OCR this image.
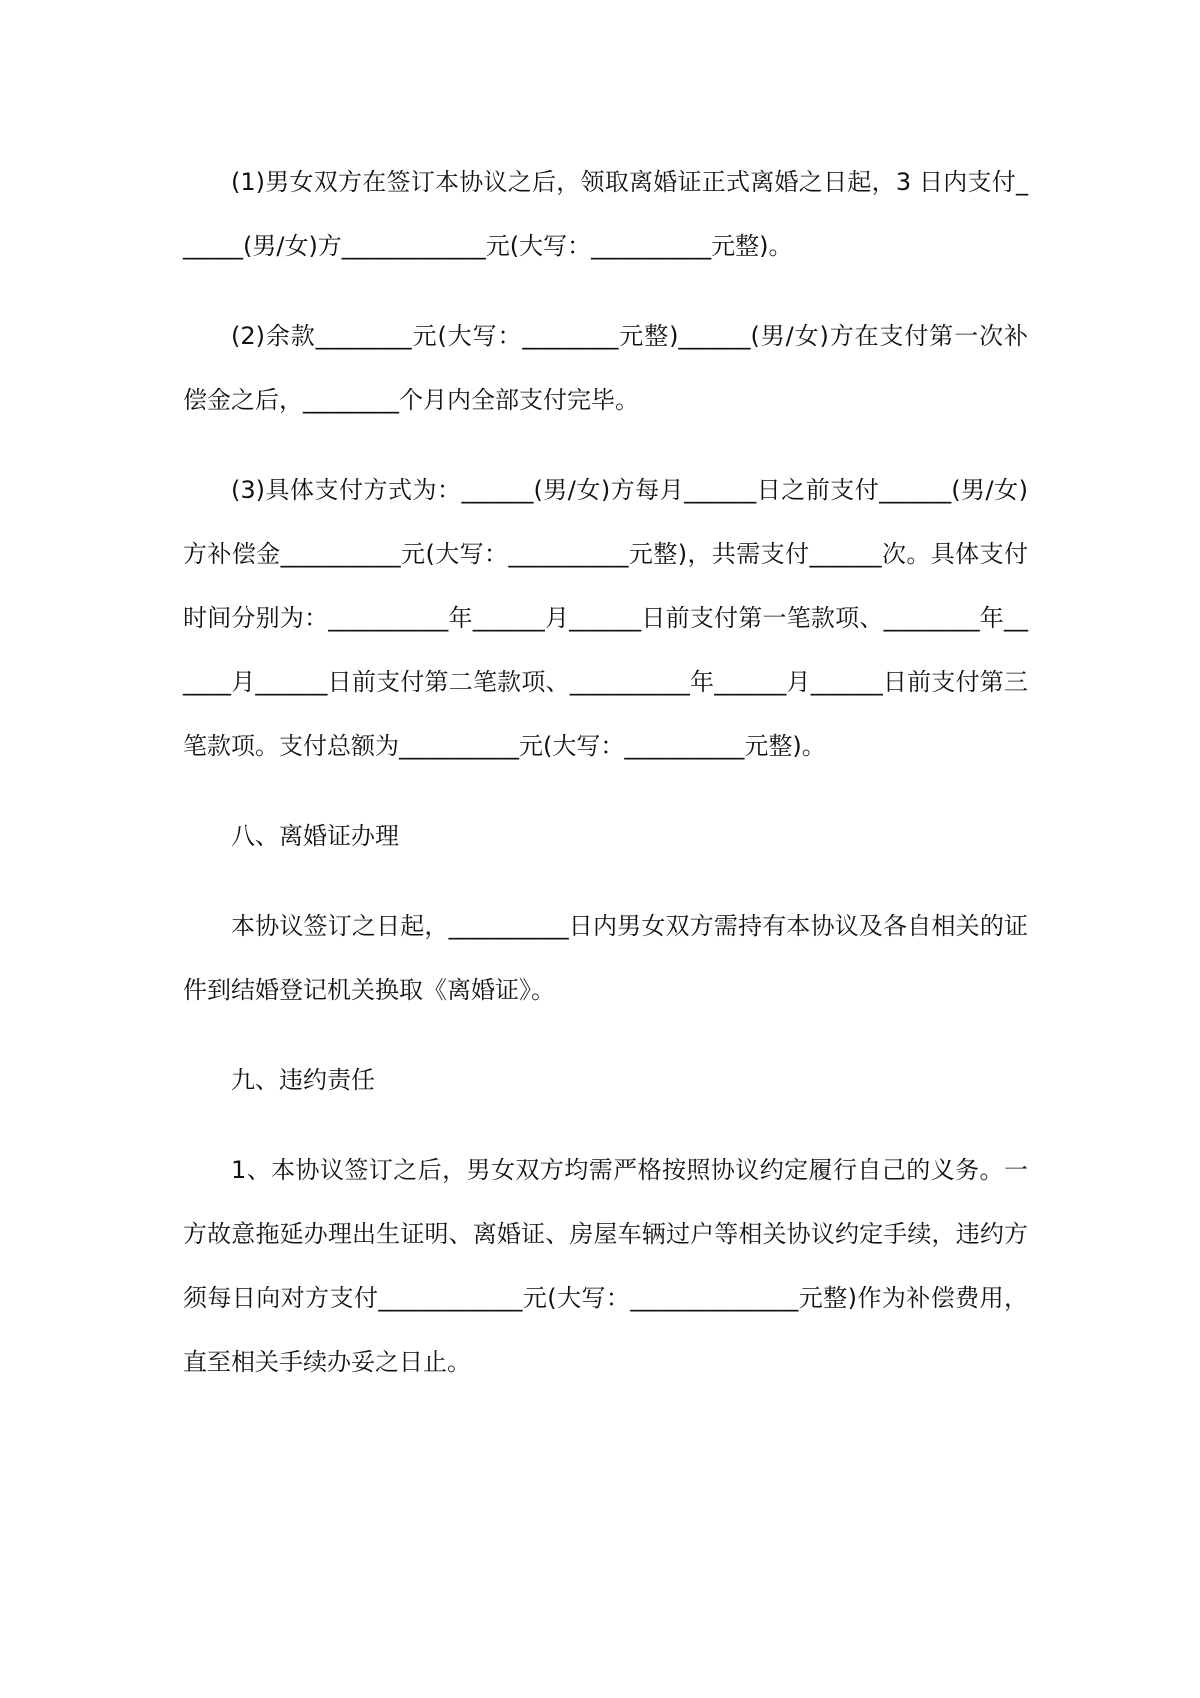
(1)男女双方在签订本协议之后，领取离婚证正式离婚之日起，3 日内支付______(男/女)方____________元(大写：__________元整)。

(2)余款________元(大写：________元整)______(男/女)方在支付第一次补偿金之后，________个月内全部支付完毕。

(3)具体支付方式为：______(男/女)方每月______日之前支付______(男/女)方补偿金__________元(大写：__________元整)，共需支付______次。具体支付时间分别为：__________年______月______日前支付第一笔款项、________年______月______日前支付第二笔款项、__________年______月______日前支付第三笔款项。支付总额为__________元(大写：__________元整)。

八、离婚证办理

本协议签订之日起，__________日内男女双方需持有本协议及各自相关的证件到结婚登记机关换取《离婚证》。

九、违约责任

1、本协议签订之后，男女双方均需严格按照协议约定履行自己的义务。一方故意拖延办理出生证明、离婚证、房屋车辆过户等相关协议约定手续，违约方须每日向对方支付____________元(大写：______________元整)作为补偿费用，直至相关手续办妥之日止。
